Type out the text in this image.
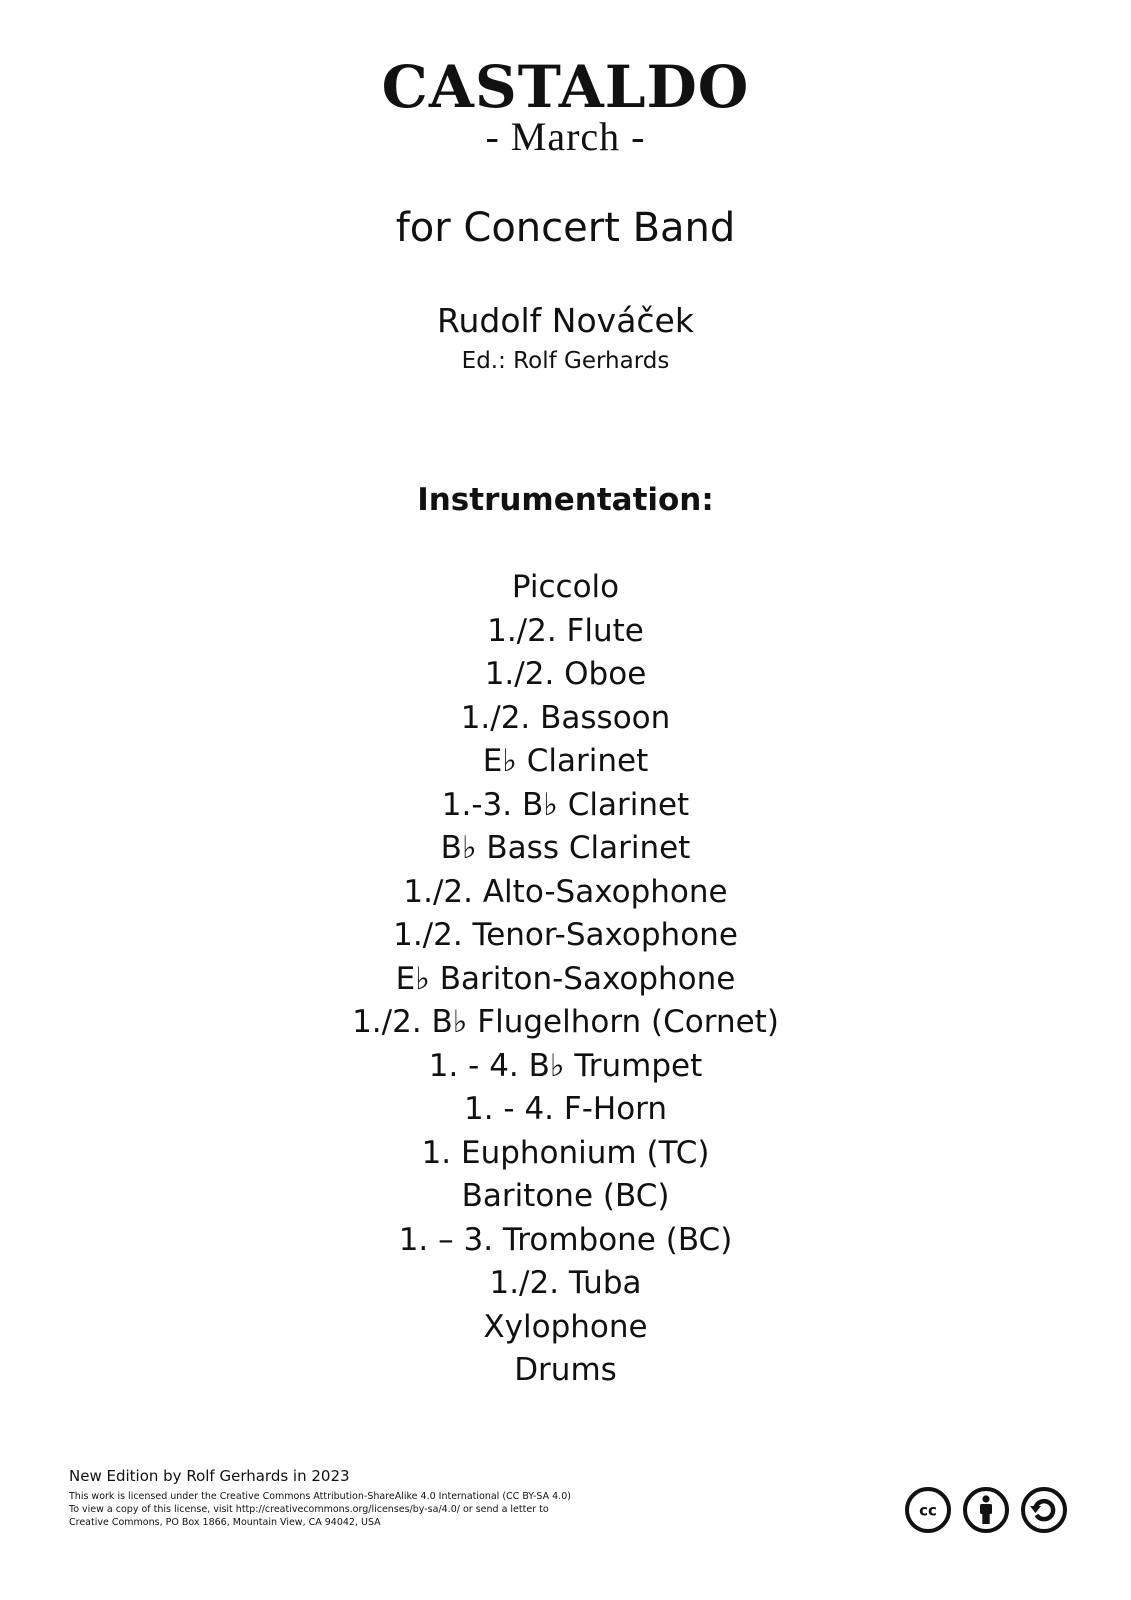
CASTALDO
- March -
for Concert Band
Rudolf Nováček
Ed.: Rolf Gerhards
Instrumentation:
Piccolo
1./2. Flute
1./2. Oboe
1./2. Bassoon
E♭ Clarinet
1.-3. B♭ Clarinet
B♭ Bass Clarinet
1./2. Alto-Saxophone
1./2. Tenor-Saxophone
E♭ Bariton-Saxophone
1./2. B♭ Flugelhorn (Cornet)
1. - 4. B♭ Trumpet
1. - 4. F-Horn
1. Euphonium (TC)
Baritone (BC)
1. – 3. Trombone (BC)
1./2. Tuba
Xylophone
Drums
New Edition by Rolf Gerhards in 2023
This work is licensed under the Creative Commons Attribution-ShareAlike 4.0 International (CC BY-SA 4.0)
To view a copy of this license, visit http://creativecommons.org/licenses/by-sa/4.0/ or send a letter to
Creative Commons, PO Box 1866, Mountain View, CA 94042, USA
cc
